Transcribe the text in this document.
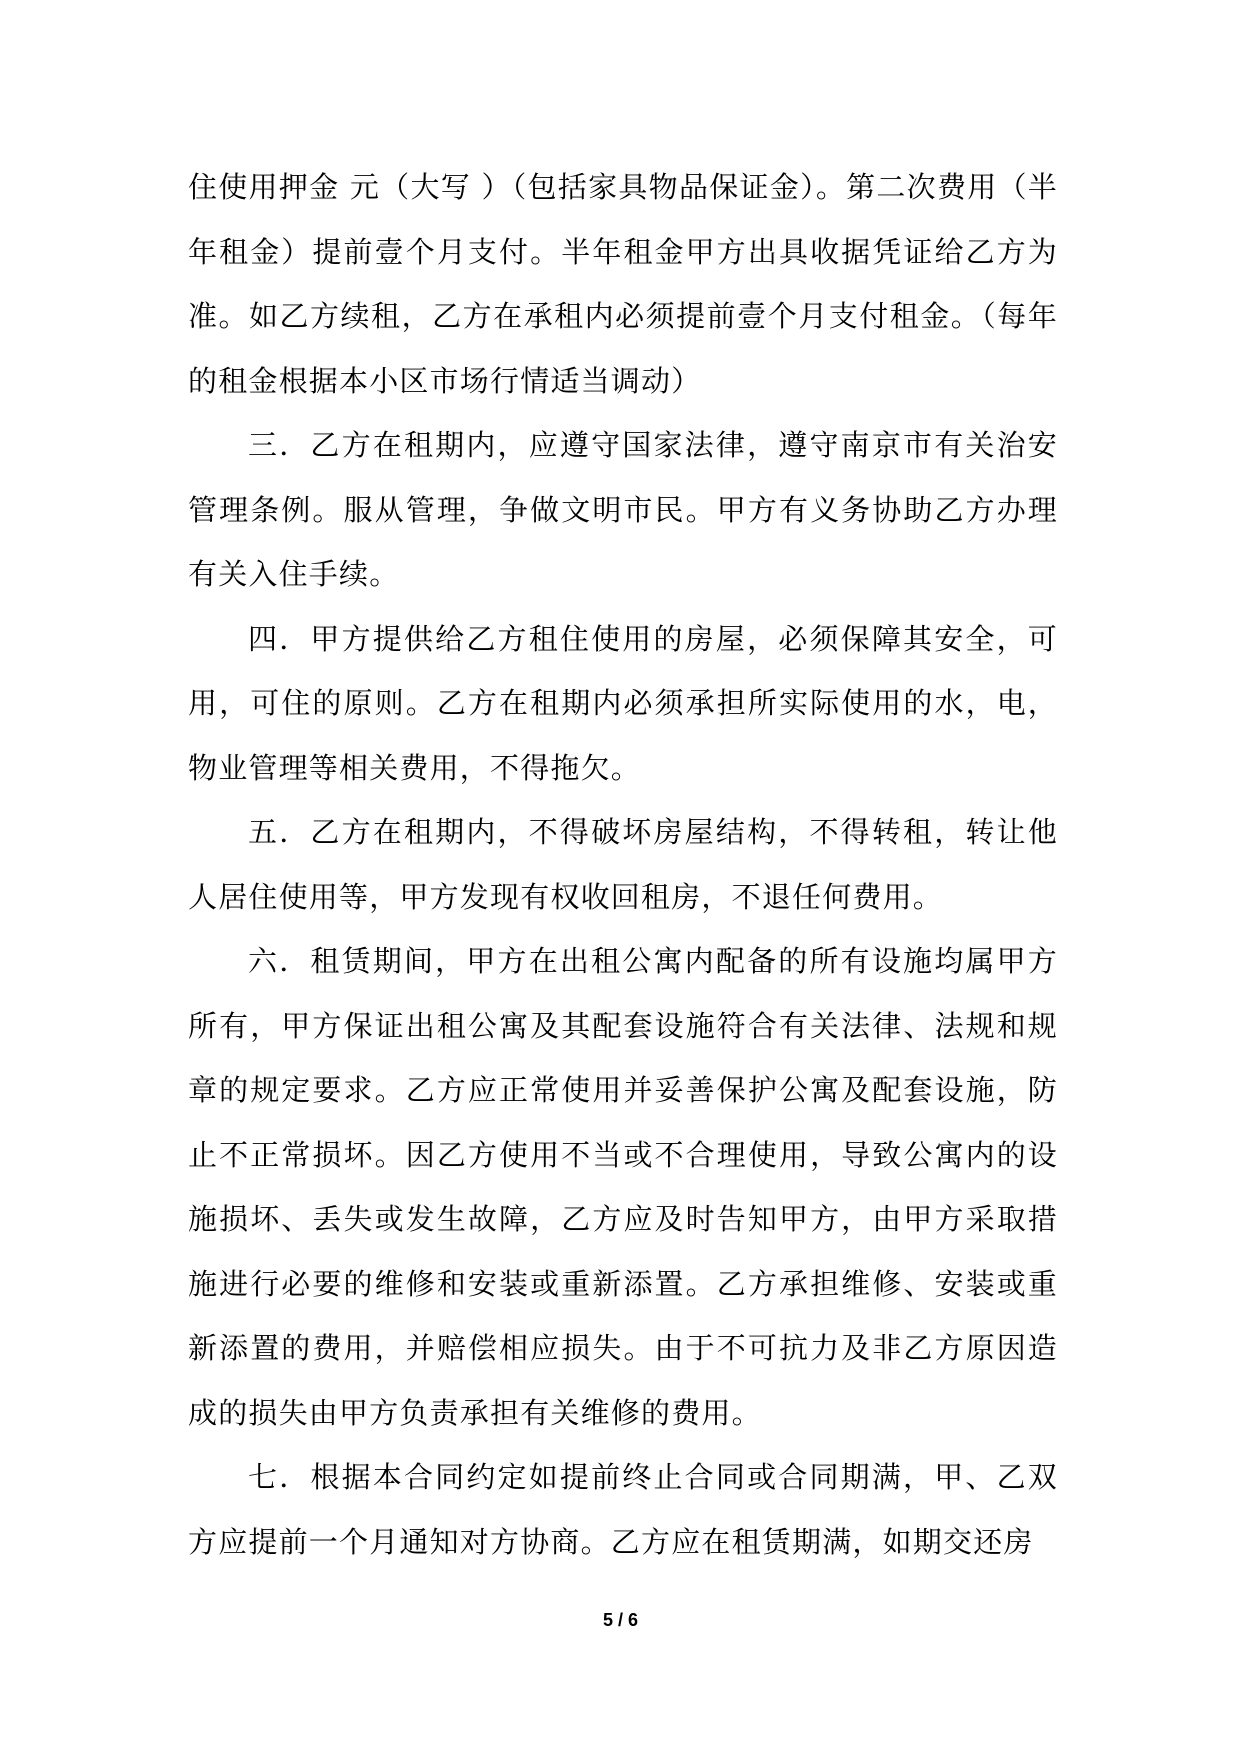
住使用押金 元（大写 ）（包括家具物品保证金）。第二次费用（半年租金）提前壹个月支付。半年租金甲方出具收据凭证给乙方为准。如乙方续租，乙方在承租内必须提前壹个月支付租金。（每年的租金根据本小区市场行情适当调动）

三．乙方在租期内，应遵守国家法律，遵守南京市有关治安管理条例。服从管理，争做文明市民。甲方有义务协助乙方办理有关入住手续。

四．甲方提供给乙方租住使用的房屋，必须保障其安全，可用，可住的原则。乙方在租期内必须承担所实际使用的水，电，物业管理等相关费用，不得拖欠。

五．乙方在租期内，不得破坏房屋结构，不得转租，转让他人居住使用等，甲方发现有权收回租房，不退任何费用。

六．租赁期间，甲方在出租公寓内配备的所有设施均属甲方所有，甲方保证出租公寓及其配套设施符合有关法律、法规和规章的规定要求。乙方应正常使用并妥善保护公寓及配套设施，防止不正常损坏。因乙方使用不当或不合理使用，导致公寓内的设施损坏、丢失或发生故障，乙方应及时告知甲方，由甲方采取措施进行必要的维修和安装或重新添置。乙方承担维修、安装或重新添置的费用，并赔偿相应损失。由于不可抗力及非乙方原因造成的损失由甲方负责承担有关维修的费用。

七．根据本合同约定如提前终止合同或合同期满，甲、乙双方应提前一个月通知对方协商。乙方应在租赁期满，如期交还房

5 / 6
